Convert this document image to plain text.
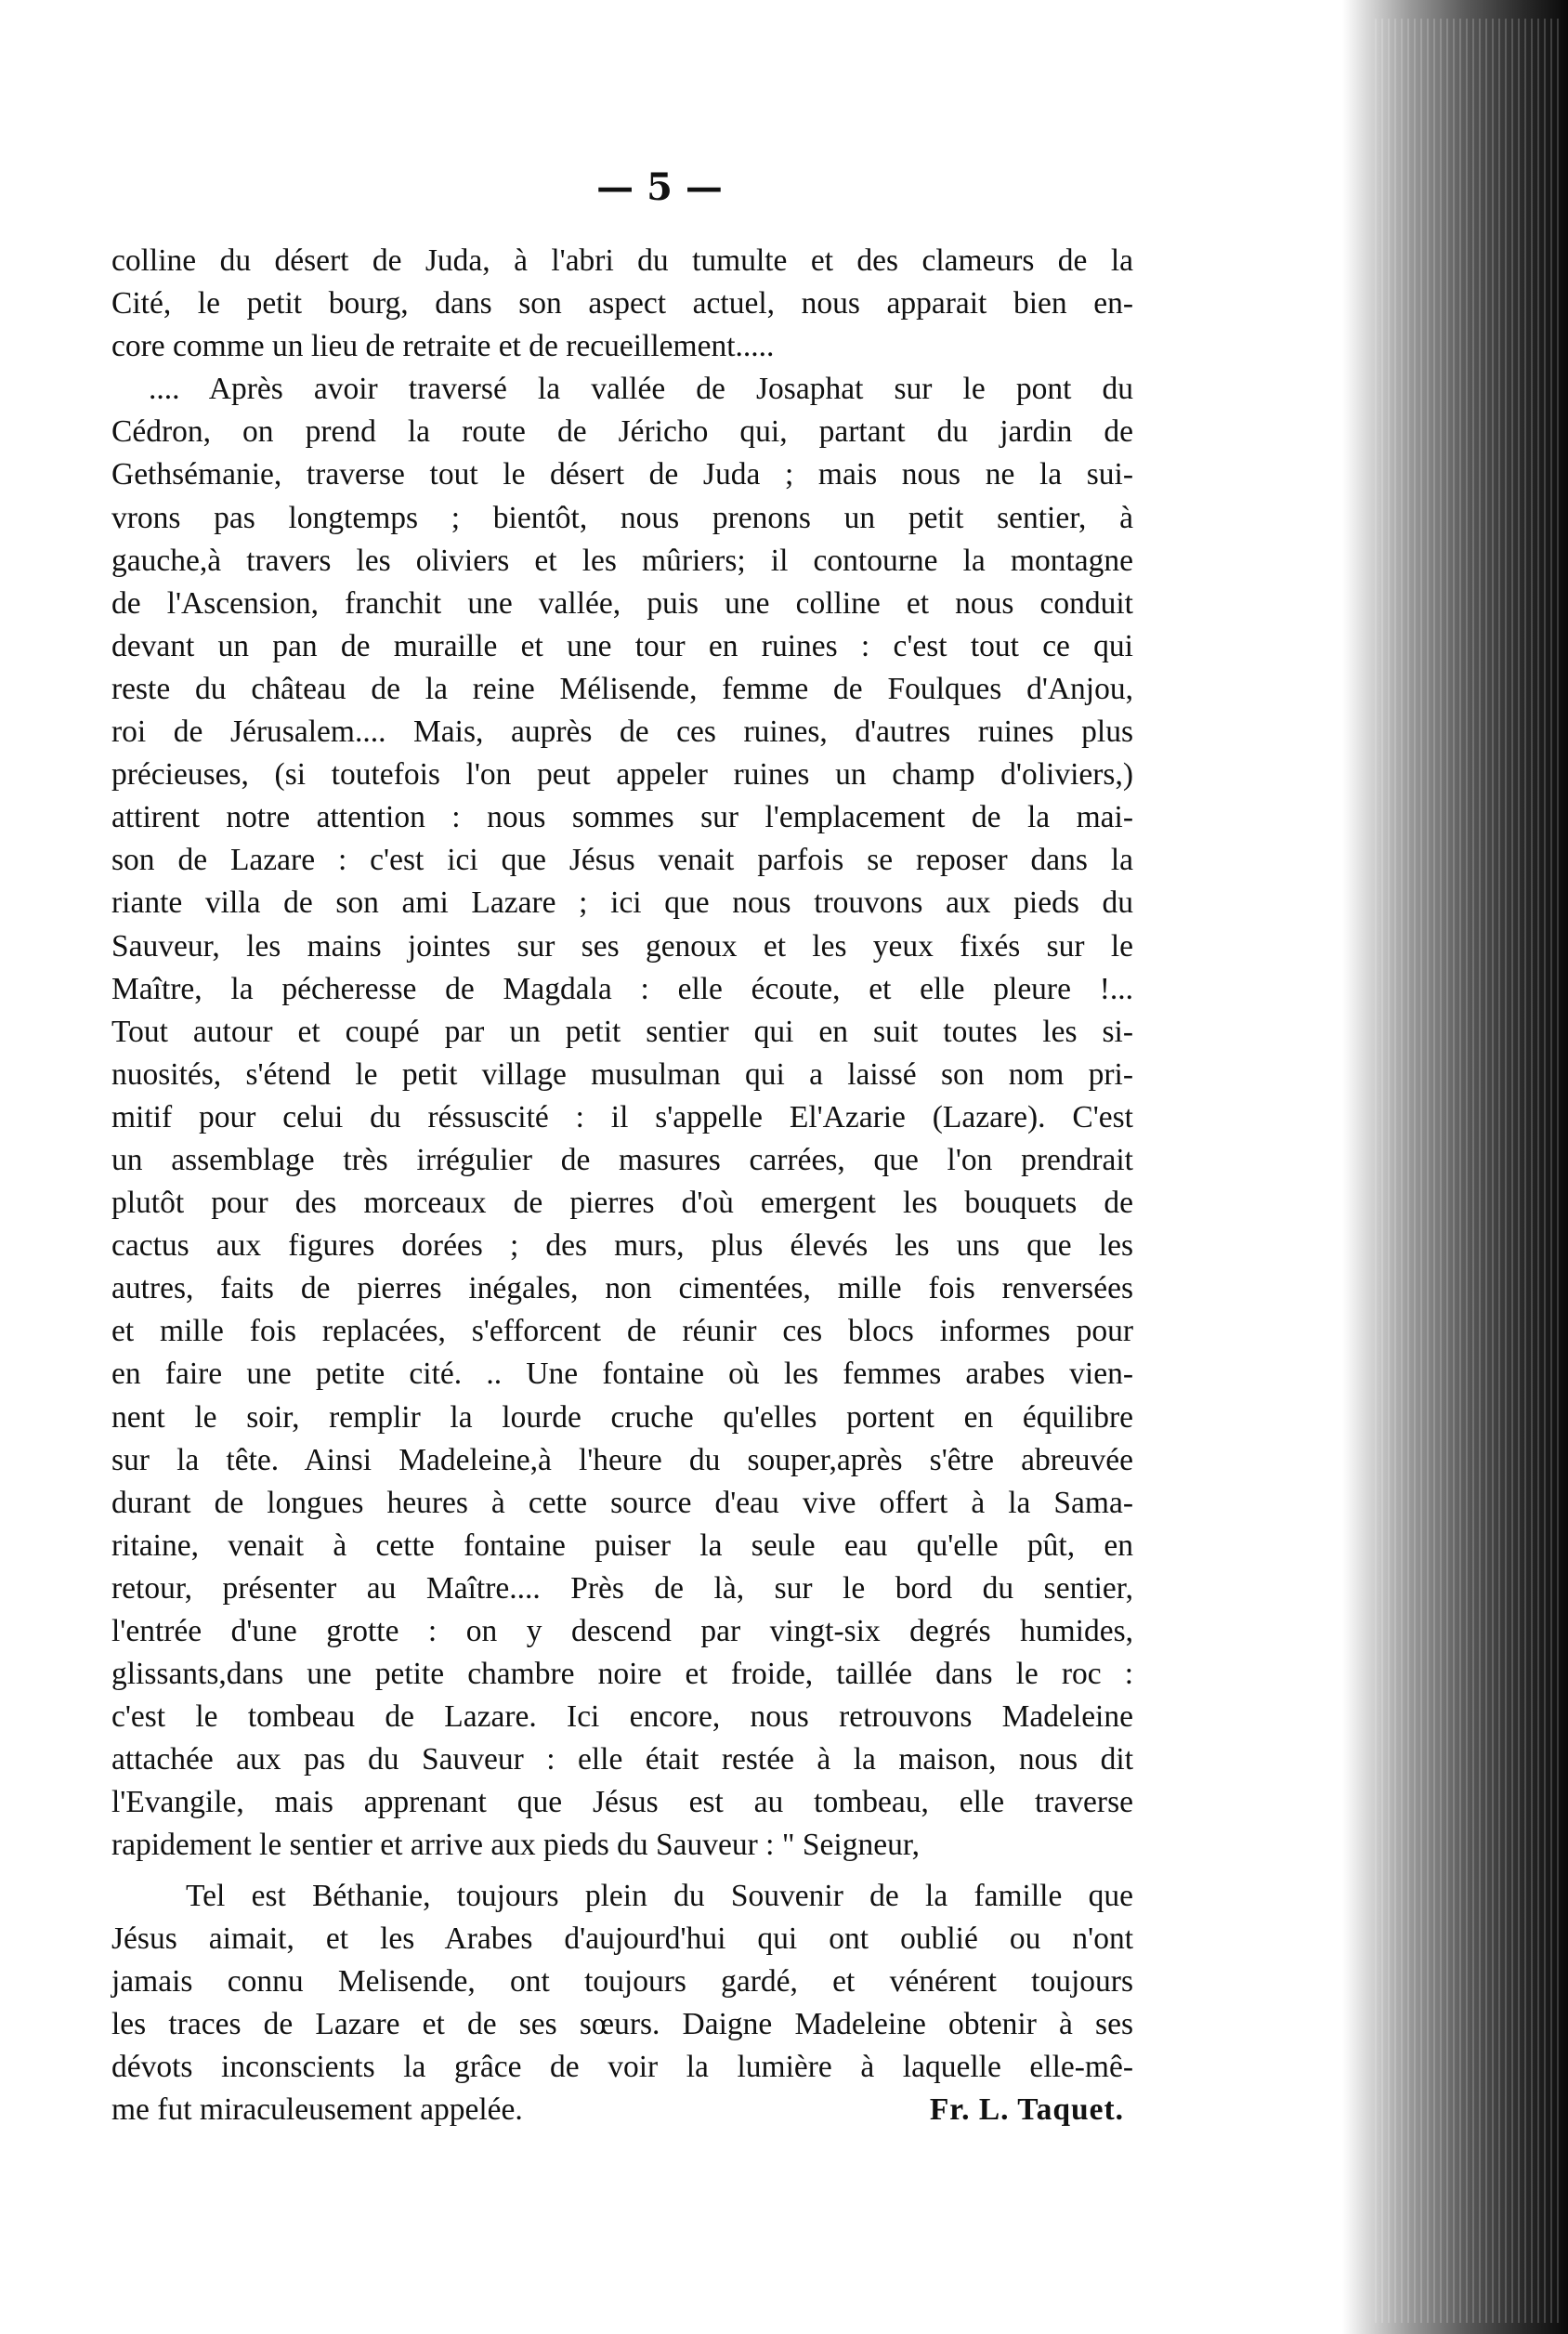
— 5 —
colline du désert de Juda, à l'abri du tumulte et des clameurs de la
Cité, le petit bourg, dans son aspect actuel, nous apparait bien en-
core comme un lieu de retraite et de recueillement.....
.... Après avoir traversé la vallée de Josaphat sur le pont du
Cédron, on prend la route de Jéricho qui, partant du jardin de
Gethsémanie, traverse tout le désert de Juda ; mais nous ne la sui-
vrons pas longtemps ; bientôt, nous prenons un petit sentier, à
gauche,à travers les oliviers et les mûriers; il contourne la montagne
de l'Ascension, franchit une vallée, puis une colline et nous conduit
devant un pan de muraille et une tour en ruines : c'est tout ce qui
reste du château de la reine Mélisende, femme de Foulques d'Anjou,
roi de Jérusalem.... Mais, auprès de ces ruines, d'autres ruines plus
précieuses, (si toutefois l'on peut appeler ruines un champ d'oliviers,)
attirent notre attention : nous sommes sur l'emplacement de la mai-
son de Lazare : c'est ici que Jésus venait parfois se reposer dans la
riante villa de son ami Lazare ; ici que nous trouvons aux pieds du
Sauveur, les mains jointes sur ses genoux et les yeux fixés sur le
Maître, la pécheresse de Magdala : elle écoute, et elle pleure !...
Tout autour et coupé par un petit sentier qui en suit toutes les si-
nuosités, s'étend le petit village musulman qui a laissé son nom pri-
mitif pour celui du réssuscité : il s'appelle El'Azarie (Lazare). C'est
un assemblage très irrégulier de masures carrées, que l'on prendrait
plutôt pour des morceaux de pierres d'où emergent les bouquets de
cactus aux figures dorées ; des murs, plus élevés les uns que les
autres, faits de pierres inégales, non cimentées, mille fois renversées
et mille fois replacées, s'efforcent de réunir ces blocs informes pour
en faire une petite cité. .. Une fontaine où les femmes arabes vien-
nent le soir, remplir la lourde cruche qu'elles portent en équilibre
sur la tête. Ainsi Madeleine,à l'heure du souper,après s'être abreuvée
durant de longues heures à cette source d'eau vive offert à la Sama-
ritaine, venait à cette fontaine puiser la seule eau qu'elle pût, en
retour, présenter au Maître.... Près de là, sur le bord du sentier,
l'entrée d'une grotte : on y descend par vingt-six degrés humides,
glissants,dans une petite chambre noire et froide, taillée dans le roc :
c'est le tombeau de Lazare. Ici encore, nous retrouvons Madeleine
attachée aux pas du Sauveur : elle était restée à la maison, nous dit
l'Evangile, mais apprenant que Jésus est au tombeau, elle traverse
rapidement le sentier et arrive aux pieds du Sauveur : " Seigneur,
Tel est Béthanie, toujours plein du Souvenir de la famille que
Jésus aimait, et les Arabes d'aujourd'hui qui ont oublié ou n'ont
jamais connu Melisende, ont toujours gardé, et vénérent toujours
les traces de Lazare et de ses sœurs. Daigne Madeleine obtenir à ses
dévots inconscients la grâce de voir la lumière à laquelle elle-mê-
me fut miraculeusement appelée.	Fr. L. Taquet.
